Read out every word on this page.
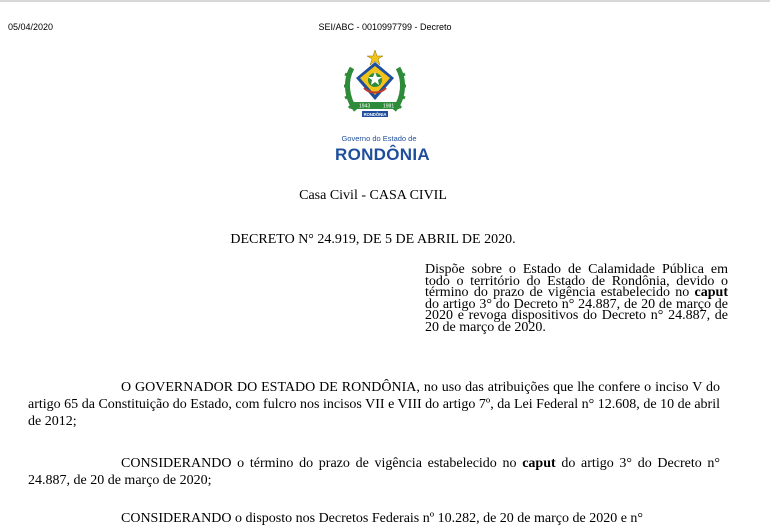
05/04/2020	SEI/ABC - 0010997799 - Decreto
1943	1981
RONDÔNIA
Governo do Estado de
RONDÔNIA
Casa Civil - CASA CIVIL
DECRETO N° 24.919, DE 5 DE ABRIL DE 2020.
Dispõe sobre o Estado de Calamidade Pública em todo o território do Estado de Rondônia, devido o término do prazo de vigência estabelecido no caput do artigo 3° do Decreto n° 24.887, de 20 de março de 2020 e revoga dispositivos do Decreto n° 24.887, de 20 de março de 2020.
O GOVERNADOR DO ESTADO DE RONDÔNIA, no uso das atribuições que lhe confere o inciso V do artigo 65 da Constituição do Estado, com fulcro nos incisos VII e VIII do artigo 7º, da Lei Federal n° 12.608, de 10 de abril de 2012;
CONSIDERANDO o término do prazo de vigência estabelecido no caput do artigo 3° do Decreto n° 24.887, de 20 de março de 2020;
CONSIDERANDO o disposto nos Decretos Federais nº 10.282, de 20 de março de 2020 e n°
